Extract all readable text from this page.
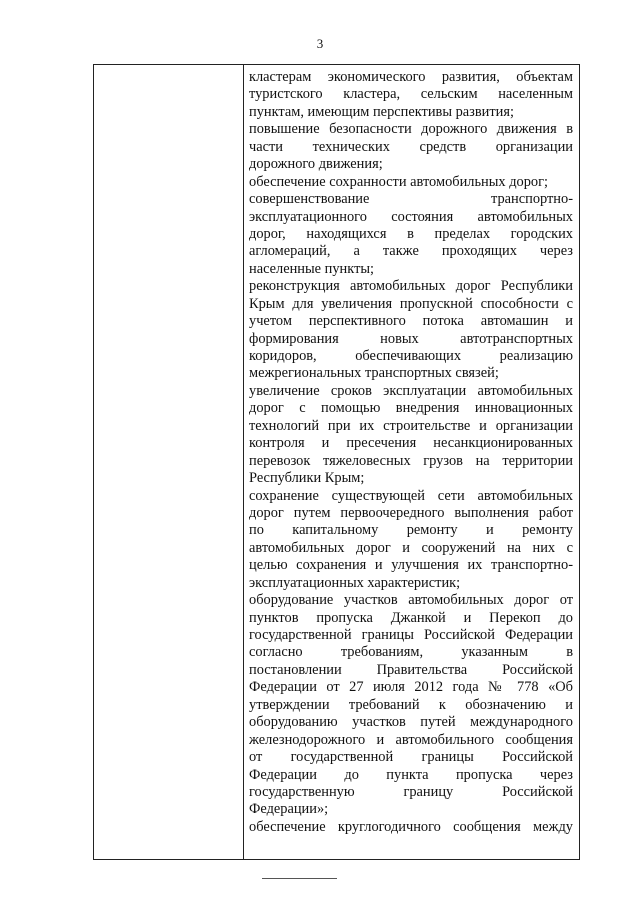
3
кластерам экономического развития, объектам
туристского кластера, сельским населенным
пунктам, имеющим перспективы развития;
повышение безопасности дорожного движения в
части технических средств организации
дорожного движения;
обеспечение сохранности автомобильных дорог;
совершенствование транспортно-
эксплуатационного состояния автомобильных
дорог, находящихся в пределах городских
агломераций, а также проходящих через
населенные пункты;
реконструкция автомобильных дорог Республики
Крым для увеличения пропускной способности с
учетом перспективного потока автомашин и
формирования новых автотранспортных
коридоров, обеспечивающих реализацию
межрегиональных транспортных связей;
увеличение сроков эксплуатации автомобильных
дорог с помощью внедрения инновационных
технологий при их строительстве и организации
контроля и пресечения несанкционированных
перевозок тяжеловесных грузов на территории
Республики Крым;
сохранение существующей сети автомобильных
дорог путем первоочередного выполнения работ
по капитальному ремонту и ремонту
автомобильных дорог и сооружений на них с
целью сохранения и улучшения их транспортно-
эксплуатационных характеристик;
оборудование участков автомобильных дорог от
пунктов пропуска Джанкой и Перекоп до
государственной границы Российской Федерации
согласно требованиям, указанным в
постановлении Правительства Российской
Федерации от 27 июля 2012 года № 778 «Об
утверждении требований к обозначению и
оборудованию участков путей международного
железнодорожного и автомобильного сообщения
от государственной границы Российской
Федерации до пункта пропуска через
государственную границу Российской
Федерации»;
обеспечение круглогодичного сообщения между
